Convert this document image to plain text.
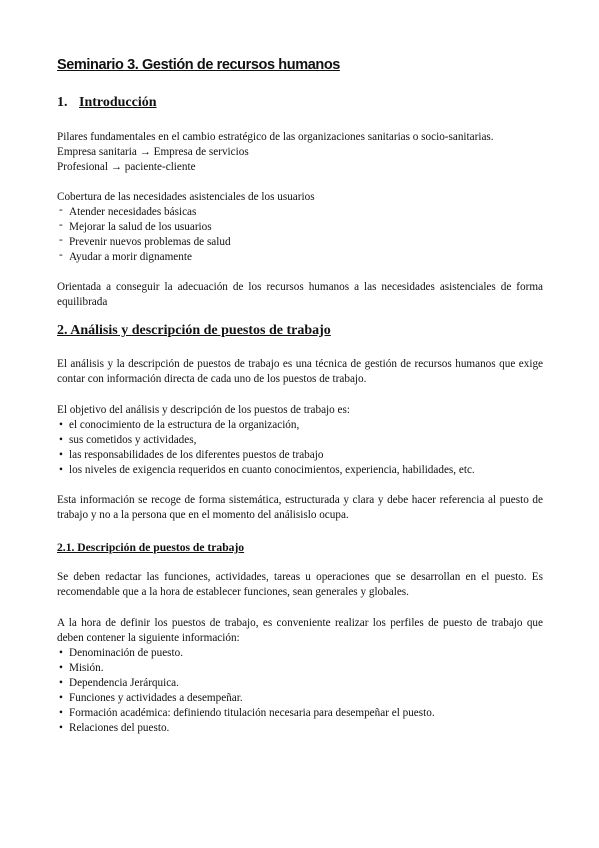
Seminario 3. Gestión de recursos humanos
1. Introducción

Pilares fundamentales en el cambio estratégico de las organizaciones sanitarias o socio-sanitarias.

Empresa sanitaria → Empresa de servicios

Profesional → paciente-cliente

Cobertura de las necesidades asistenciales de los usuarios

- Atender necesidades básicas
- Mejorar la salud de los usuarios
- Prevenir nuevos problemas de salud
- Ayudar a morir dignamente

Orientada a conseguir la adecuación de los recursos humanos a las necesidades asistenciales de forma equilibrada

2. Análisis y descripción de puestos de trabajo

El análisis y la descripción de puestos de trabajo es una técnica de gestión de recursos humanos que exige contar con información directa de cada uno de los puestos de trabajo.

El objetivo del análisis y descripción de los puestos de trabajo es:

• el conocimiento de la estructura de la organización,
• sus cometidos y actividades,
• las responsabilidades de los diferentes puestos de trabajo
• los niveles de exigencia requeridos en cuanto conocimientos, experiencia, habilidades, etc.

Esta información se recoge de forma sistemática, estructurada y clara y debe hacer referencia al puesto de trabajo y no a la persona que en el momento del análisislo ocupa.

2.1. Descripción de puestos de trabajo

Se deben redactar las funciones, actividades, tareas u operaciones que se desarrollan en el puesto. Es recomendable que a la hora de establecer funciones, sean generales y globales.

A la hora de definir los puestos de trabajo, es conveniente realizar los perfiles de puesto de trabajo que deben contener la siguiente información:

• Denominación de puesto.
• Misión.
• Dependencia Jerárquica.
• Funciones y actividades a desempeñar.
• Formación académica: definiendo titulación necesaria para desempeñar el puesto.
• Relaciones del puesto.
